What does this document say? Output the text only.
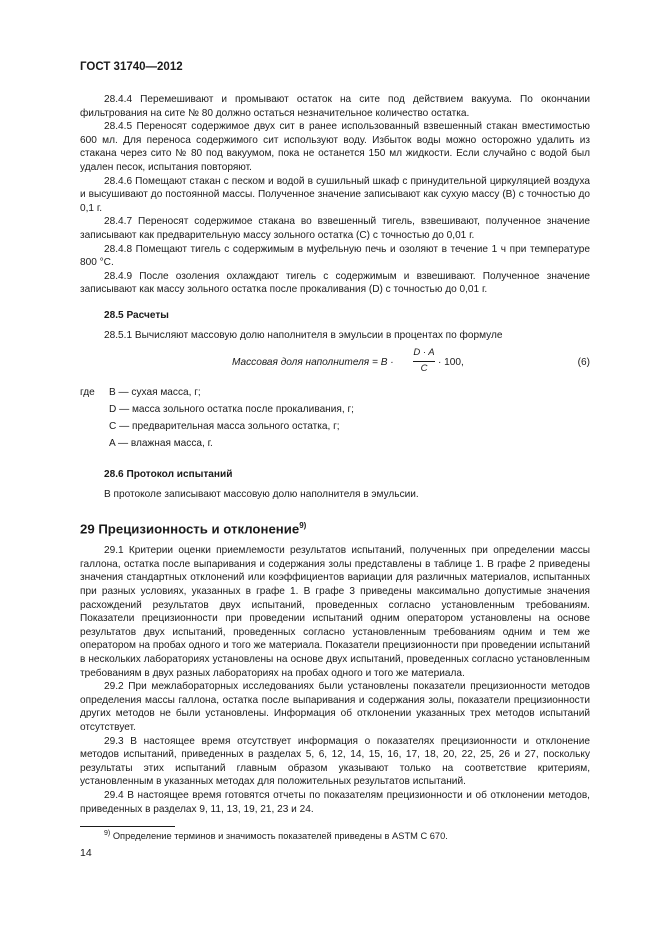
ГОСТ 31740—2012

28.4.4 Перемешивают и промывают остаток на сите под действием вакуума. По окончании фильтрования на сите № 80 должно остаться незначительное количество остатка.

28.4.5 Переносят содержимое двух сит в ранее использованный взвешенный стакан вместимостью 600 мл. Для переноса содержимого сит используют воду. Избыток воды можно осторожно удалить из стакана через сито № 80 под вакуумом, пока не останется 150 мл жидкости. Если случайно с водой был удален песок, испытания повторяют.

28.4.6 Помещают стакан с песком и водой в сушильный шкаф с принудительной циркуляцией воздуха и высушивают до постоянной массы. Полученное значение записывают как сухую массу (B) с точностью до 0,1 г.

28.4.7 Переносят содержимое стакана во взвешенный тигель, взвешивают, полученное значение записывают как предварительную массу зольного остатка (C) с точностью до 0,01 г.

28.4.8 Помещают тигель с содержимым в муфельную печь и озоляют в течение 1 ч при температуре 800 °C.

28.4.9 После озоления охлаждают тигель с содержимым и взвешивают. Полученное значение записывают как массу зольного остатка после прокаливания (D) с точностью до 0,01 г.

28.5 Расчеты

28.5.1 Вычисляют массовую долю наполнителя в эмульсии в процентах по формуле

Массовая доля наполнителя = $B \cdot \frac{D \cdot A}{C} \cdot 100$,	(6)
где B — сухая масса, г;
D — масса зольного остатка после прокаливания, г;
C — предварительная масса зольного остатка, г;
A — влажная масса, г.
28.6 Протокол испытаний

В протоколе записывают массовую долю наполнителя в эмульсии.

29 Прецизионность и отклонение$^{9)}$

29.1 Критерии оценки приемлемости результатов испытаний, полученных при определении массы галлона, остатка после выпаривания и содержания золы представлены в таблице 1. В графе 2 приведены значения стандартных отклонений или коэффициентов вариации для различных материалов, испытанных при разных условиях, указанных в графе 1. В графе 3 приведены максимально допустимые значения расхождений результатов двух испытаний, проведенных согласно установленным требованиям. Показатели прецизионности при проведении испытаний одним оператором установлены на основе результатов двух испытаний, проведенных согласно установленным требованиям одним и тем же оператором на пробах одного и того же материала. Показатели прецизионности при проведении испытаний в нескольких лабораториях установлены на основе двух испытаний, проведенных согласно установленным требованиям в двух разных лабораториях на пробах одного и того же материала.

29.2 При межлабораторных исследованиях были установлены показатели прецизионности методов определения массы галлона, остатка после выпаривания и содержания золы, показатели прецизионности других методов не были установлены. Информация об отклонении указанных трех методов испытаний отсутствует.

29.3 В настоящее время отсутствует информация о показателях прецизионности и отклонение методов испытаний, приведенных в разделах 5, 6, 12, 14, 15, 16, 17, 18, 20, 22, 25, 26 и 27, поскольку результаты этих испытаний главным образом указывают только на соответствие критериям, установленным в указанных методах для положительных результатов испытаний.

29.4 В настоящее время готовятся отчеты по показателям прецизионности и об отклонении методов, приведенных в разделах 9, 11, 13, 19, 21, 23 и 24.

$^{9)}$ Определение терминов и значимость показателей приведены в ASTM C 670.
14
